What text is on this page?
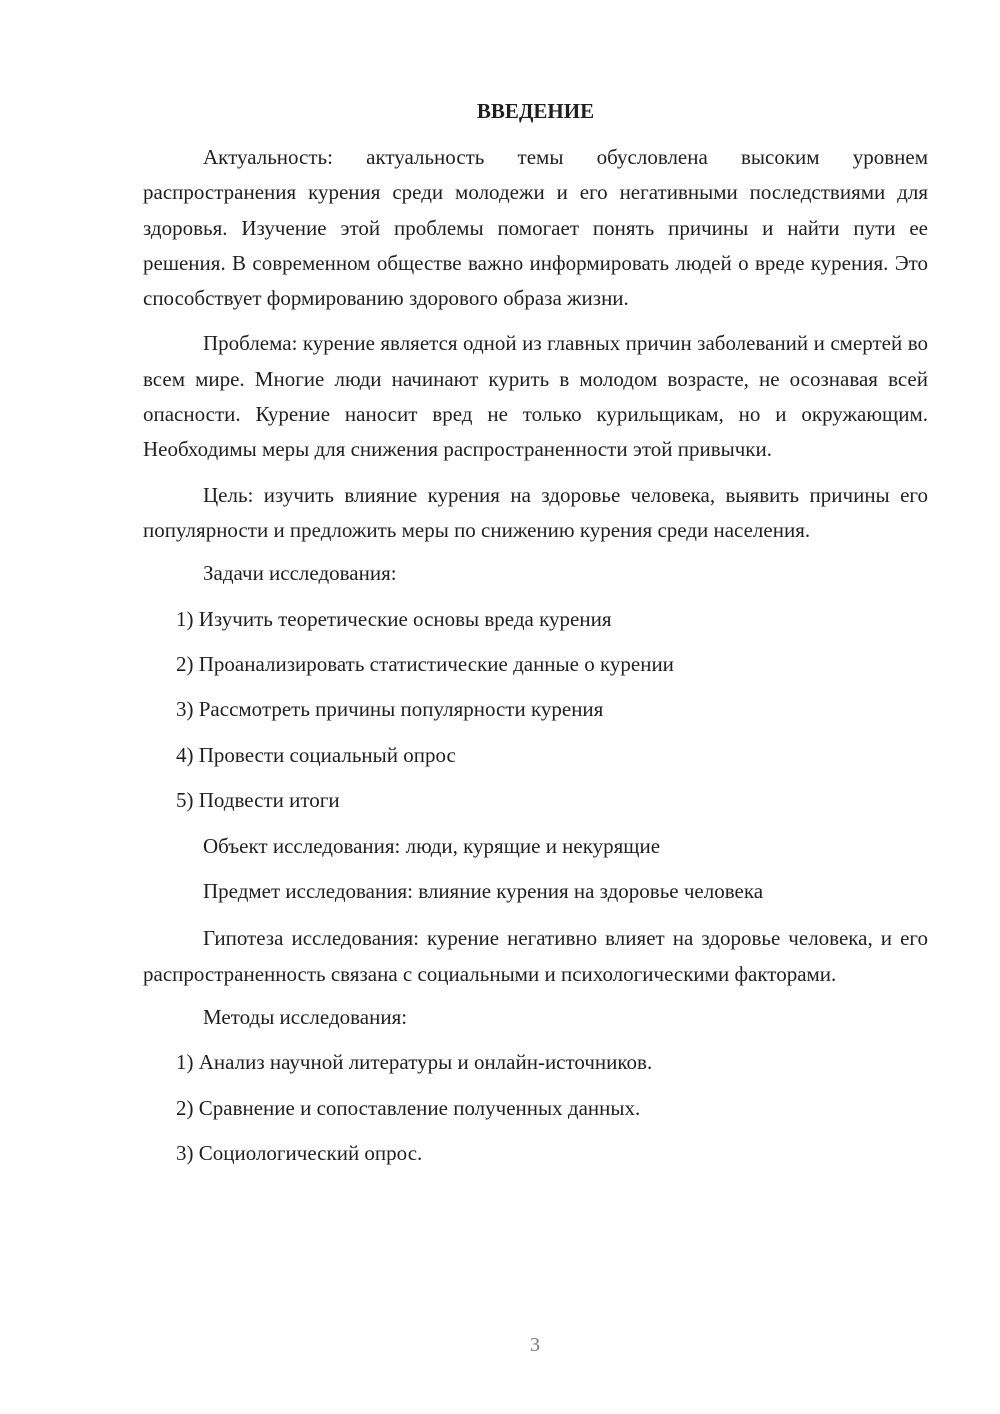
ВВЕДЕНИЕ
Актуальность: актуальность темы обусловлена высоким уровнем распространения курения среди молодежи и его негативными последствиями для здоровья. Изучение этой проблемы помогает понять причины и найти пути ее решения. В современном обществе важно информировать людей о вреде курения. Это способствует формированию здорового образа жизни.
Проблема: курение является одной из главных причин заболеваний и смертей во всем мире. Многие люди начинают курить в молодом возрасте, не осознавая всей опасности. Курение наносит вред не только курильщикам, но и окружающим. Необходимы меры для снижения распространенности этой привычки.
Цель: изучить влияние курения на здоровье человека, выявить причины его популярности и предложить меры по снижению курения среди населения.
Задачи исследования:
1) Изучить теоретические основы вреда курения
2) Проанализировать статистические данные о курении
3) Рассмотреть причины популярности курения
4) Провести социальный опрос
5) Подвести итоги
Объект исследования: люди, курящие и некурящие
Предмет исследования: влияние курения на здоровье человека
Гипотеза исследования: курение негативно влияет на здоровье человека, и его распространенность связана с социальными и психологическими факторами.
Методы исследования:
1) Анализ научной литературы и онлайн-источников.
2) Сравнение и сопоставление полученных данных.
3) Социологический опрос.
3
